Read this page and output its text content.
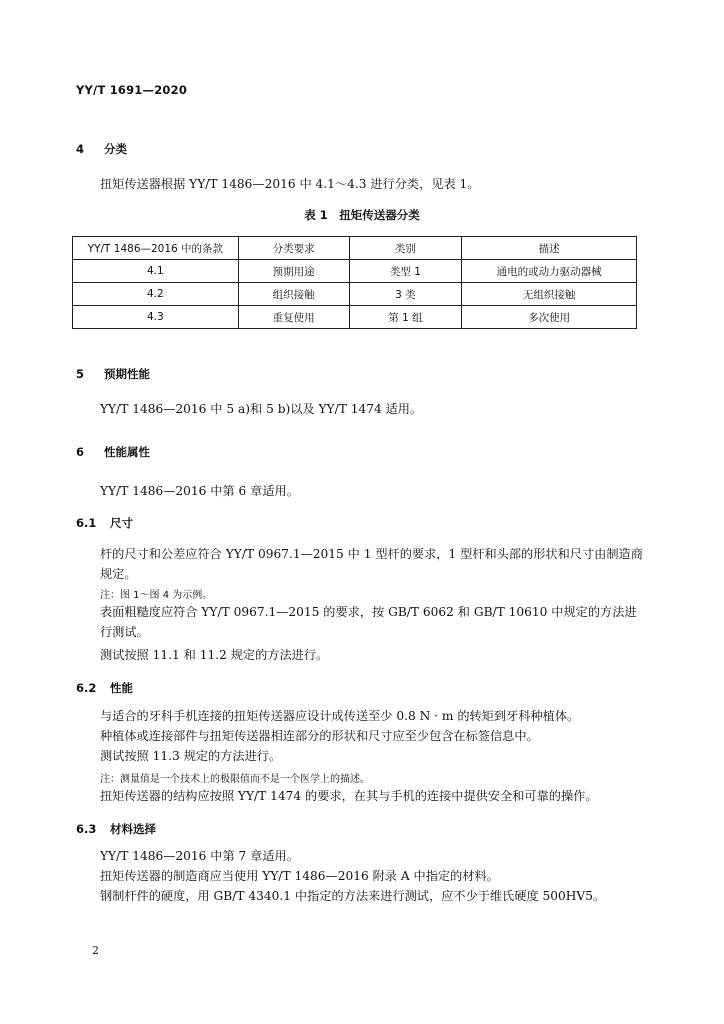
YY/T 1691—2020
4 分类
扭矩传送器根据 YY/T 1486—2016 中 4.1～4.3 进行分类，见表 1。
表 1　扭矩传送器分类
YY/T 1486—2016 中的条款	分类要求	类别	描述
4.1	预期用途	类型 1	通电的或动力驱动器械
4.2	组织接触	3 类	无组织接触
4.3	重复使用	第 1 组	多次使用
5 预期性能
YY/T 1486—2016 中 5 a)和 5 b)以及 YY/T 1474 适用。
6 性能属性
YY/T 1486—2016 中第 6 章适用。
6.1 尺寸
杆的尺寸和公差应符合 YY/T 0967.1—2015 中 1 型杆的要求，1 型杆和头部的形状和尺寸由制造商规定。
注：图 1～图 4 为示例。
表面粗糙度应符合 YY/T 0967.1—2015 的要求，按 GB/T 6062 和 GB/T 10610 中规定的方法进行测试。
测试按照 11.1 和 11.2 规定的方法进行。
6.2 性能
与适合的牙科手机连接的扭矩传送器应设计成传送至少 0.8 N · m 的转矩到牙科种植体。
种植体或连接部件与扭矩传送器相连部分的形状和尺寸应至少包含在标签信息中。
测试按照 11.3 规定的方法进行。
注：测量值是一个技术上的极限值而不是一个医学上的描述。
扭矩传送器的结构应按照 YY/T 1474 的要求，在其与手机的连接中提供安全和可靠的操作。
6.3 材料选择
YY/T 1486—2016 中第 7 章适用。
扭矩传送器的制造商应当使用 YY/T 1486—2016 附录 A 中指定的材料。
钢制杆件的硬度，用 GB/T 4340.1 中指定的方法来进行测试，应不少于维氏硬度 500HV5。
2
